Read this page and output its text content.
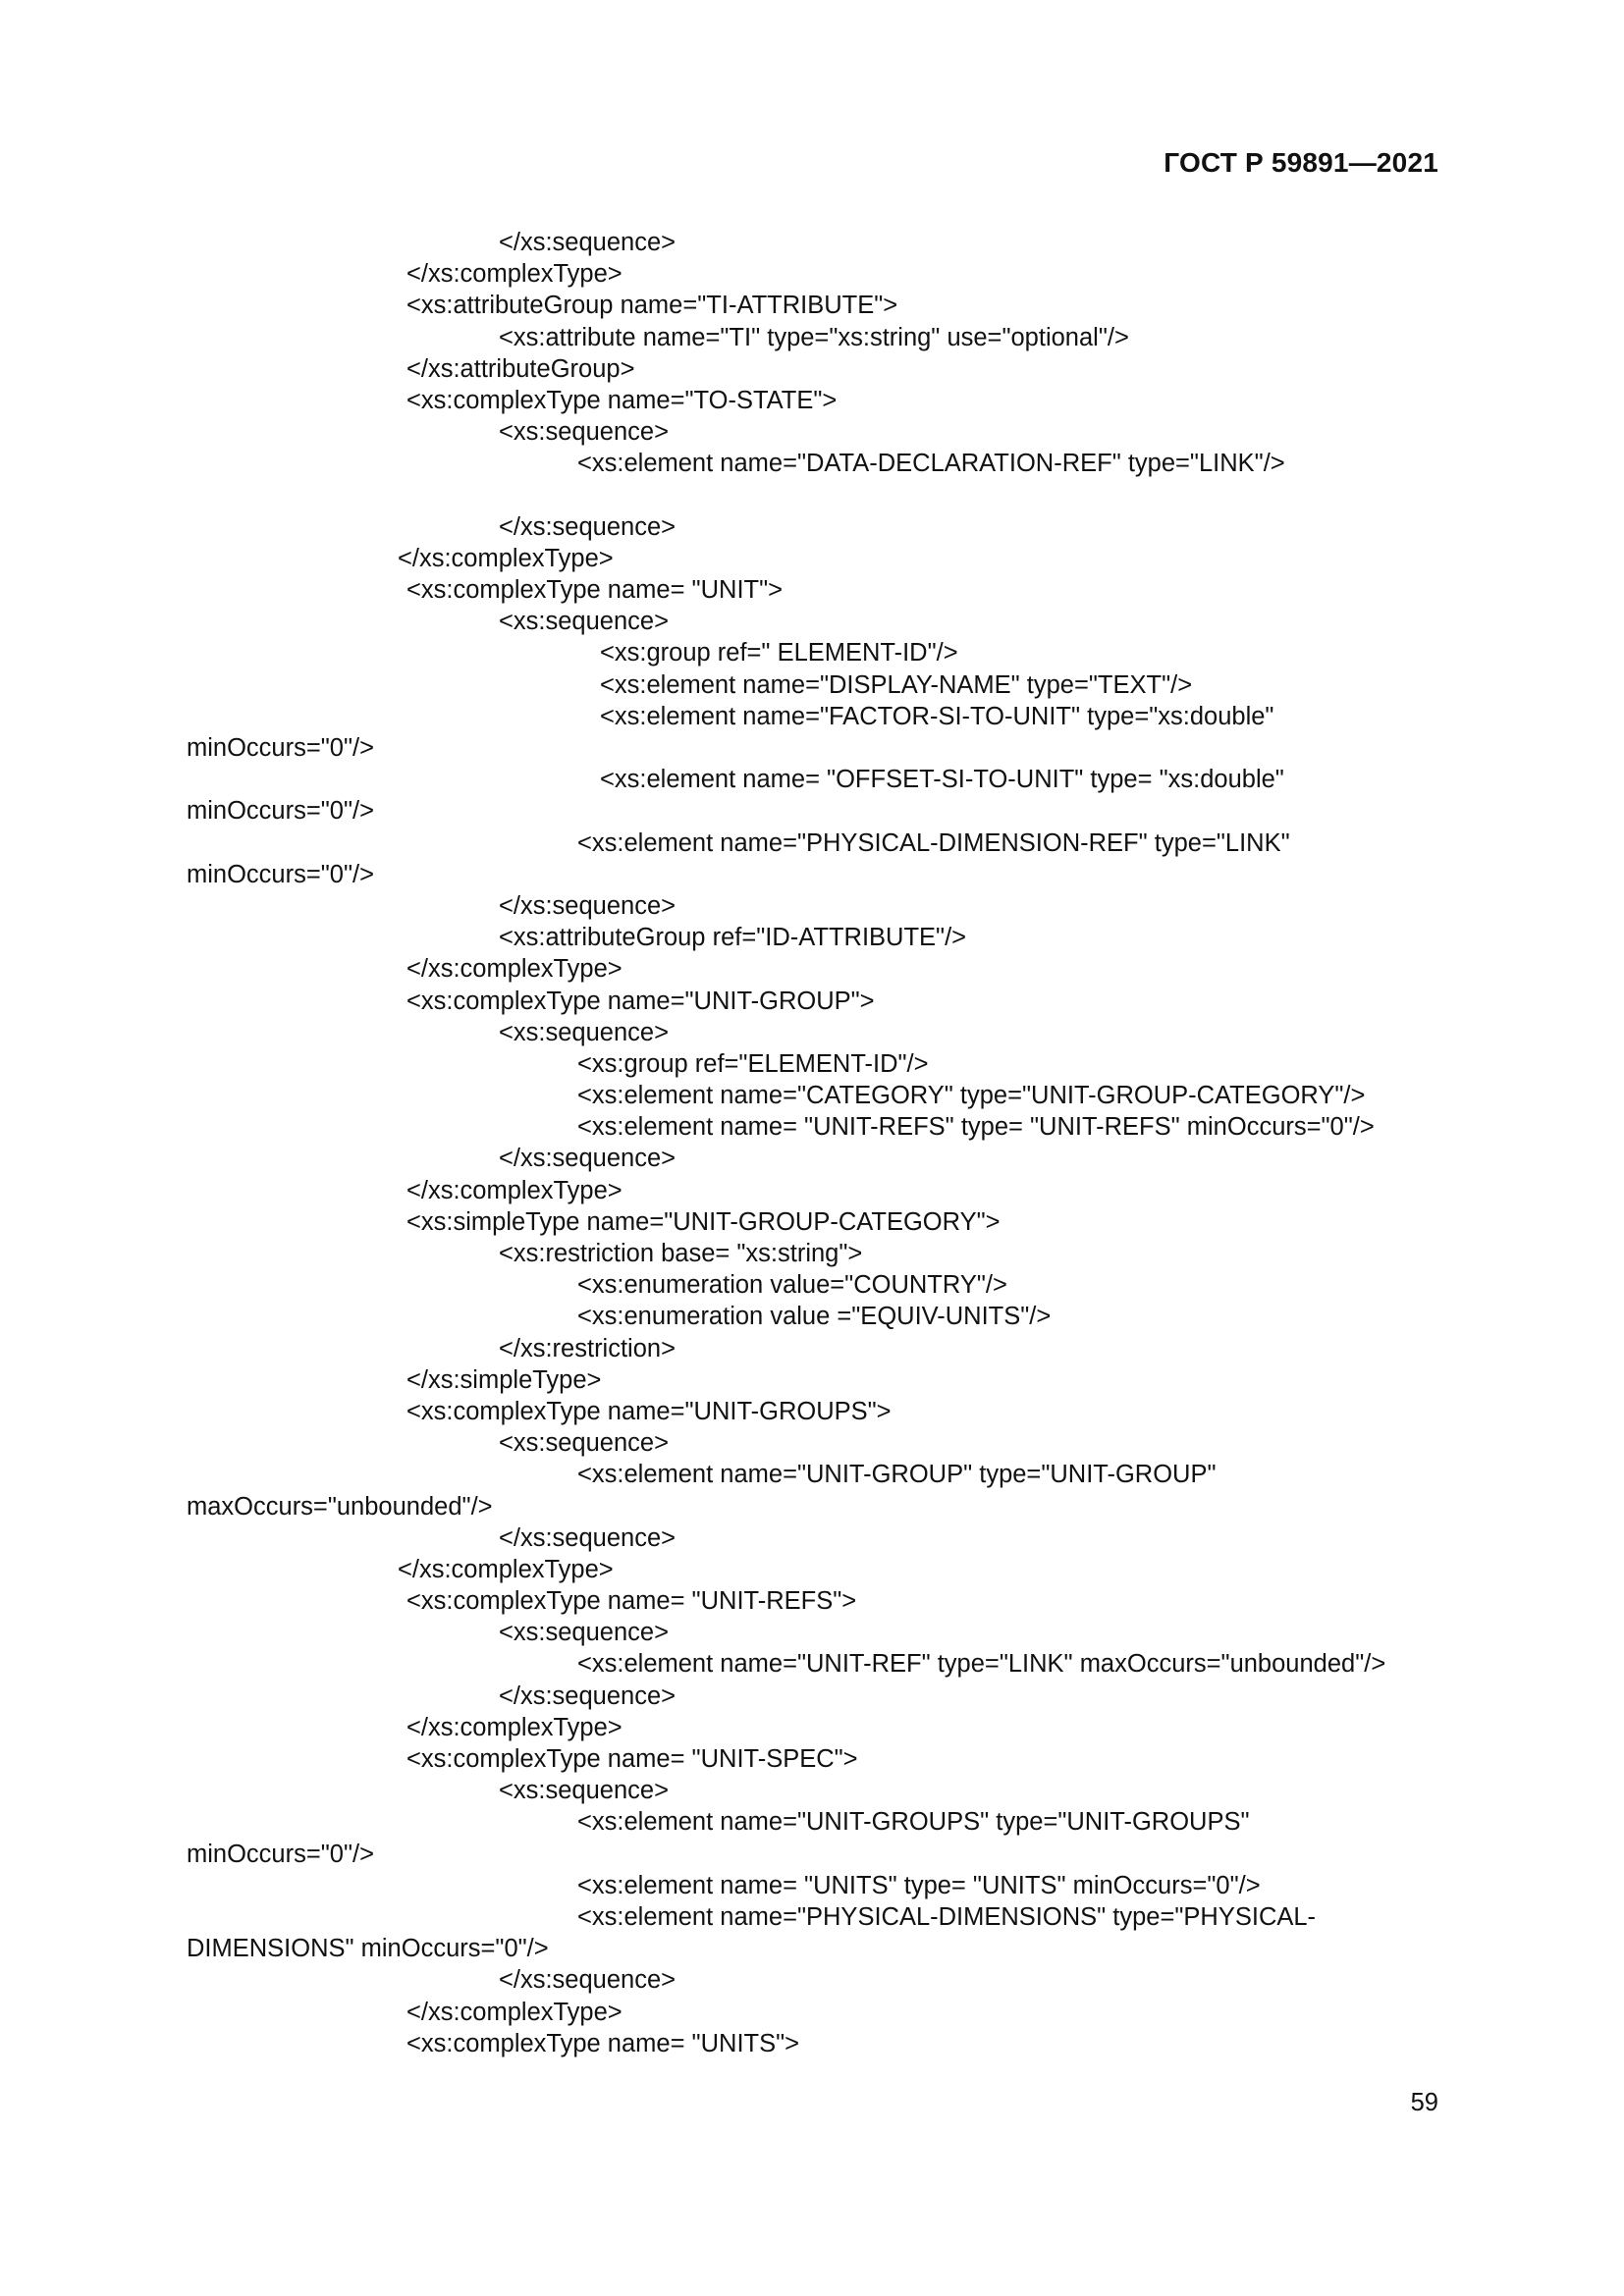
ГОСТ Р 59891—2021
</xs:sequence>
</xs:complexType>
<xs:attributeGroup name="TI-ATTRIBUTE">
<xs:attribute name="TI" type="xs:string" use="optional"/>
</xs:attributeGroup>
<xs:complexType name="TO-STATE">
<xs:sequence>
<xs:element name="DATA-DECLARATION-REF" type="LINK"/>
</xs:sequence>
</xs:complexType>
<xs:complexType name= "UNIT">
<xs:sequence>
<xs:group ref=" ELEMENT-ID"/>
<xs:element name="DISPLAY-NAME" type="TEXT"/>
<xs:element name="FACTOR-SI-TO-UNIT" type="xs:double"
minOccurs="0"/>
<xs:element name= "OFFSET-SI-TO-UNIT" type= "xs:double"
minOccurs="0"/>
<xs:element name="PHYSICAL-DIMENSION-REF" type="LINK"
minOccurs="0"/>
</xs:sequence>
<xs:attributeGroup ref="ID-ATTRIBUTE"/>
</xs:complexType>
<xs:complexType name="UNIT-GROUP">
<xs:sequence>
<xs:group ref="ELEMENT-ID"/>
<xs:element name="CATEGORY" type="UNIT-GROUP-CATEGORY"/>
<xs:element name= "UNIT-REFS" type= "UNIT-REFS" minOccurs="0"/>
</xs:sequence>
</xs:complexType>
<xs:simpleType name="UNIT-GROUP-CATEGORY">
<xs:restriction base= "xs:string">
<xs:enumeration value="COUNTRY"/>
<xs:enumeration value ="EQUIV-UNITS"/>
</xs:restriction>
</xs:simpleType>
<xs:complexType name="UNIT-GROUPS">
<xs:sequence>
<xs:element name="UNIT-GROUP" type="UNIT-GROUP"
maxOccurs="unbounded"/>
</xs:sequence>
</xs:complexType>
<xs:complexType name= "UNIT-REFS">
<xs:sequence>
<xs:element name="UNIT-REF" type="LINK" maxOccurs="unbounded"/>
</xs:sequence>
</xs:complexType>
<xs:complexType name= "UNIT-SPEC">
<xs:sequence>
<xs:element name="UNIT-GROUPS" type="UNIT-GROUPS"
minOccurs="0"/>
<xs:element name= "UNITS" type= "UNITS" minOccurs="0"/>
<xs:element name="PHYSICAL-DIMENSIONS" type="PHYSICAL-
DIMENSIONS" minOccurs="0"/>
</xs:sequence>
</xs:complexType>
<xs:complexType name= "UNITS">
59
